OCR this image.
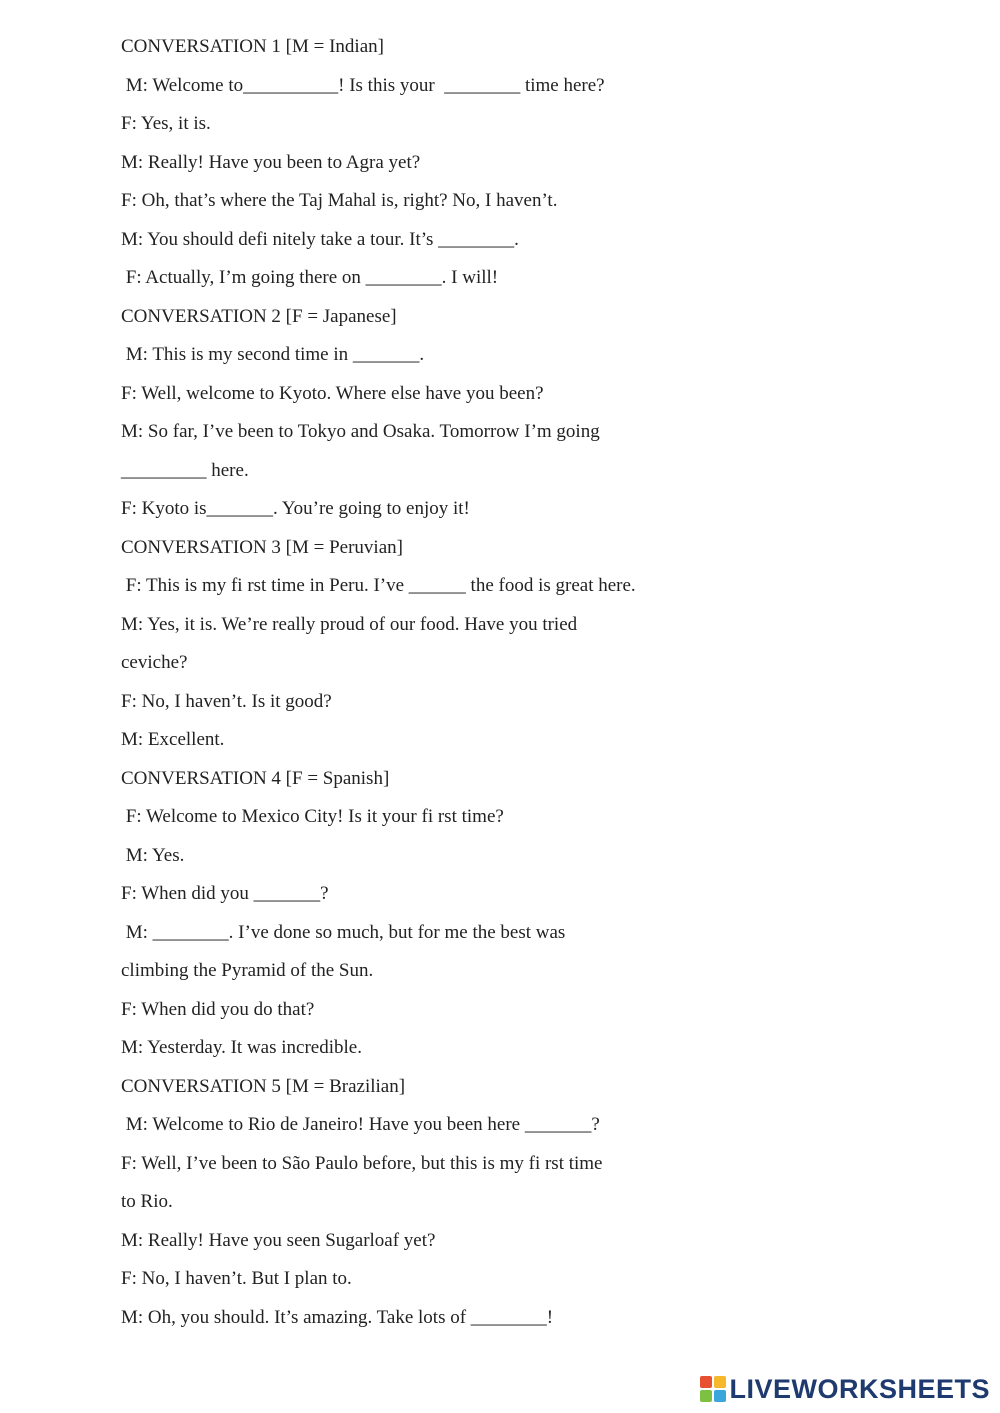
CONVERSATION 1 [M = Indian]
M: Welcome to__________! Is this your  ________ time here?
F: Yes, it is.
M: Really! Have you been to Agra yet?
F: Oh, that’s where the Taj Mahal is, right? No, I haven’t.
M: You should defi nitely take a tour. It’s ________.
F: Actually, I’m going there on ________. I will!
CONVERSATION 2 [F = Japanese]
M: This is my second time in _______.
F: Well, welcome to Kyoto. Where else have you been?
M: So far, I’ve been to Tokyo and Osaka. Tomorrow I’m going
_________ here.
F: Kyoto is_______. You’re going to enjoy it!
CONVERSATION 3 [M = Peruvian]
F: This is my fi rst time in Peru. I’ve ______ the food is great here.
M: Yes, it is. We’re really proud of our food. Have you tried
ceviche?
F: No, I haven’t. Is it good?
M: Excellent.
CONVERSATION 4 [F = Spanish]
F: Welcome to Mexico City! Is it your fi rst time?
M: Yes.
F: When did you _______?
M: ________. I’ve done so much, but for me the best was
climbing the Pyramid of the Sun.
F: When did you do that?
M: Yesterday. It was incredible.
CONVERSATION 5 [M = Brazilian]
M: Welcome to Rio de Janeiro! Have you been here _______?
F: Well, I’ve been to São Paulo before, but this is my fi rst time
to Rio.
M: Really! Have you seen Sugarloaf yet?
F: No, I haven’t. But I plan to.
M: Oh, you should. It’s amazing. Take lots of ________!
LIVEWORKSHEETS
